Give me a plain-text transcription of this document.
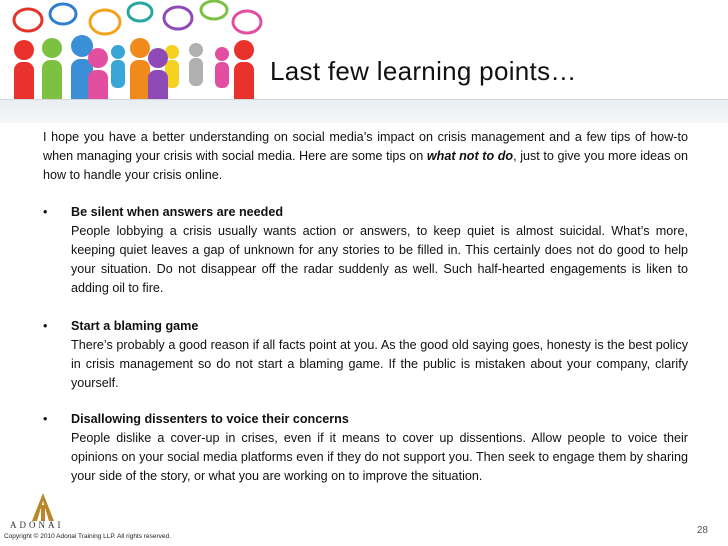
Last few learning points…
I hope you have a better understanding on social media’s impact on crisis management and a few tips of how-to when managing your crisis with social media. Here are some tips on what not to do, just to give you more ideas on how to handle your crisis online.
•	Be silent when answers are needed
People lobbying a crisis usually wants action or answers, to keep quiet is almost suicidal. What’s more, keeping quiet leaves a gap of unknown for any stories to be filled in. This certainly does not do good to help your situation. Do not disappear off the radar suddenly as well. Such half-hearted engagements is liken to adding oil to fire.
•	Start a blaming game
There’s probably a good reason if all facts point at you. As the good old saying goes, honesty is the best policy in crisis management so do not start a blaming game. If the public is mistaken about your company, clarify yourself.
•	Disallowing dissenters to voice their concerns
People dislike a cover-up in crises, even if it means to cover up dissentions. Allow people to voice their opinions on your social media platforms even if they do not support you. Then seek to engage them by sharing your side of the story, or what you are working on to improve the situation.
ADONAI
Copyright © 2010 Adonai Training LLP. All rights reserved.
28
